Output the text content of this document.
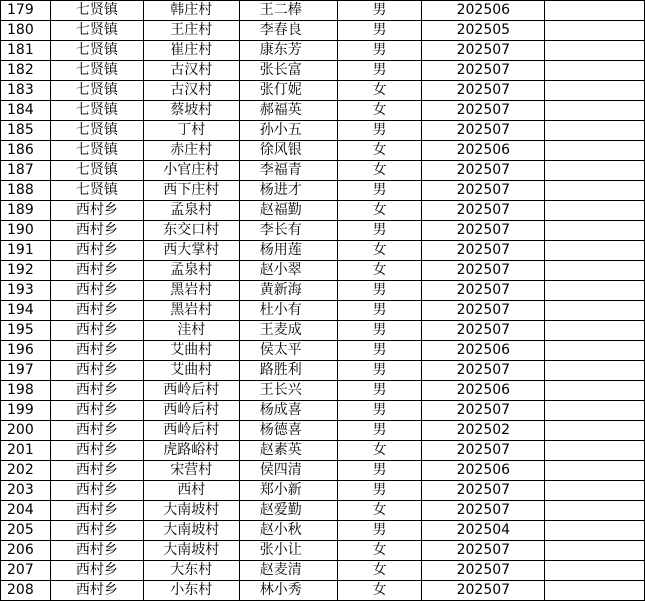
179	七贤镇	韩庄村	王二棒	男	202506	
180	七贤镇	王庄村	李春良	男	202505	
181	七贤镇	崔庄村	康东芳	男	202507	
182	七贤镇	古汉村	张长富	男	202507	
183	七贤镇	古汉村	张仃妮	女	202507	
184	七贤镇	蔡坡村	郝福英	女	202507	
185	七贤镇	丁村	孙小五	男	202507	
186	七贤镇	赤庄村	徐风银	女	202506	
187	七贤镇	小官庄村	李福青	女	202507	
188	七贤镇	西下庄村	杨进才	男	202507	
189	西村乡	孟泉村	赵福勤	女	202507	
190	西村乡	东交口村	李长有	男	202507	
191	西村乡	西大掌村	杨用莲	女	202507	
192	西村乡	孟泉村	赵小翠	女	202507	
193	西村乡	黑岩村	黄新海	男	202507	
194	西村乡	黑岩村	杜小有	男	202507	
195	西村乡	洼村	王麦成	男	202507	
196	西村乡	艾曲村	侯太平	男	202506	
197	西村乡	艾曲村	路胜利	男	202507	
198	西村乡	西岭后村	王长兴	男	202506	
199	西村乡	西岭后村	杨成喜	男	202507	
200	西村乡	西岭后村	杨德喜	男	202502	
201	西村乡	虎路峪村	赵素英	女	202507	
202	西村乡	宋营村	侯四清	男	202506	
203	西村乡	西村	郑小新	男	202507	
204	西村乡	大南坡村	赵爱勤	女	202507	
205	西村乡	大南坡村	赵小秋	男	202504	
206	西村乡	大南坡村	张小让	女	202507	
207	西村乡	大东村	赵麦清	女	202507	
208	西村乡	小东村	林小秀	女	202507	
